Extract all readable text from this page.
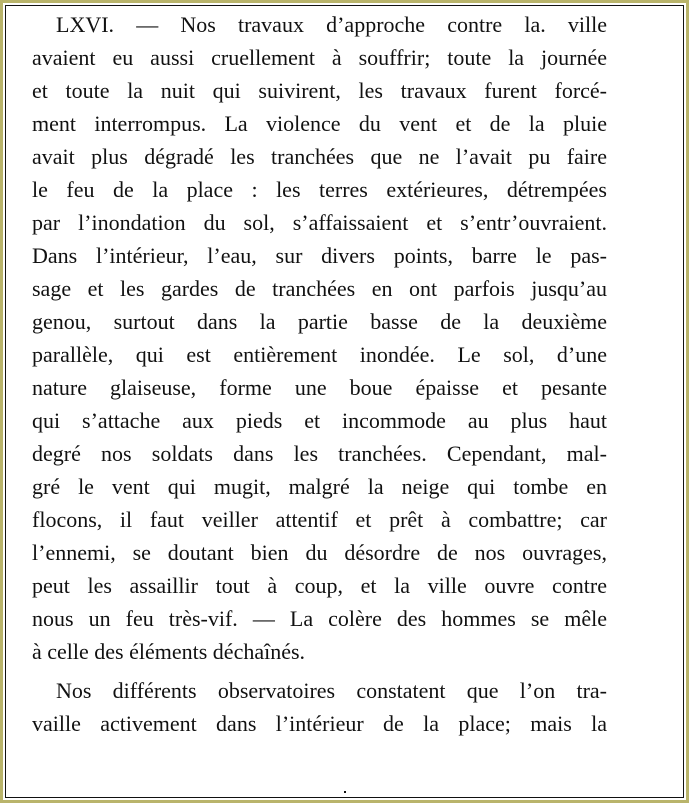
LXVI. — Nos travaux d’approche contre la. ville
avaient eu aussi cruellement à souffrir; toute la journée
et toute la nuit qui suivirent, les travaux furent forcé-
ment interrompus. La violence du vent et de la pluie
avait plus dégradé les tranchées que ne l’avait pu faire
le feu de la place : les terres extérieures, détrempées
par l’inondation du sol, s’affaissaient et s’entr’ouvraient.
Dans l’intérieur, l’eau, sur divers points, barre le pas-
sage et les gardes de tranchées en ont parfois jusqu’au
genou, surtout dans la partie basse de la deuxième
parallèle, qui est entièrement inondée. Le sol, d’une
nature glaiseuse, forme une boue épaisse et pesante
qui s’attache aux pieds et incommode au plus haut
degré nos soldats dans les tranchées. Cependant, mal-
gré le vent qui mugit, malgré la neige qui tombe en
flocons, il faut veiller attentif et prêt à combattre; car
l’ennemi, se doutant bien du désordre de nos ouvrages,
peut les assaillir tout à coup, et la ville ouvre contre
nous un feu très-vif. — La colère des hommes se mêle
à celle des éléments déchaînés.
Nos différents observatoires constatent que l’on tra-
vaille activement dans l’intérieur de la place; mais la
